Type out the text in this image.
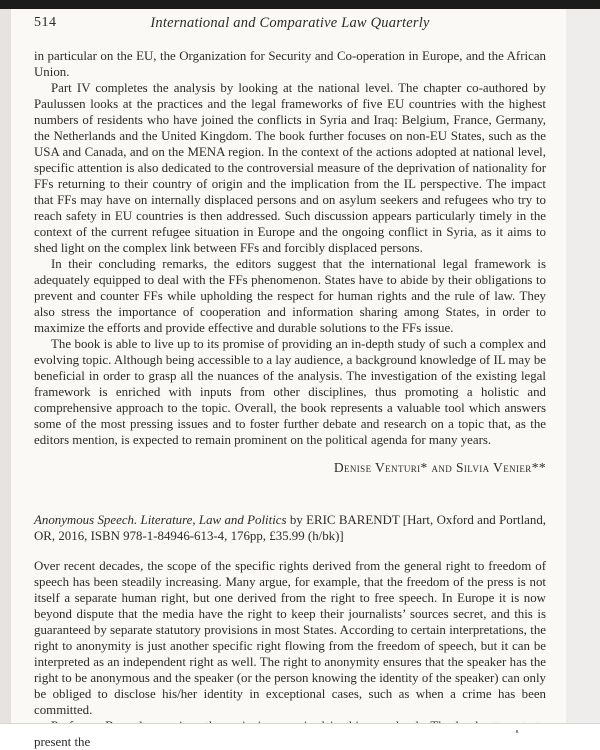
514	International and Comparative Law Quarterly

in particular on the EU, the Organization for Security and Co-operation in Europe, and the African Union.

Part IV completes the analysis by looking at the national level. The chapter co-authored by Paulussen looks at the practices and the legal frameworks of five EU countries with the highest numbers of residents who have joined the conflicts in Syria and Iraq: Belgium, France, Germany, the Netherlands and the United Kingdom. The book further focuses on non-EU States, such as the USA and Canada, and on the MENA region. In the context of the actions adopted at national level, specific attention is also dedicated to the controversial measure of the deprivation of nationality for FFs returning to their country of origin and the implication from the IL perspective. The impact that FFs may have on internally displaced persons and on asylum seekers and refugees who try to reach safety in EU countries is then addressed. Such discussion appears particularly timely in the context of the current refugee situation in Europe and the ongoing conflict in Syria, as it aims to shed light on the complex link between FFs and forcibly displaced persons.

In their concluding remarks, the editors suggest that the international legal framework is adequately equipped to deal with the FFs phenomenon. States have to abide by their obligations to prevent and counter FFs while upholding the respect for human rights and the rule of law. They also stress the importance of cooperation and information sharing among States, in order to maximize the efforts and provide effective and durable solutions to the FFs issue.

The book is able to live up to its promise of providing an in-depth study of such a complex and evolving topic. Although being accessible to a lay audience, a background knowledge of IL may be beneficial in order to grasp all the nuances of the analysis. The investigation of the existing legal framework is enriched with inputs from other disciplines, thus promoting a holistic and comprehensive approach to the topic. Overall, the book represents a valuable tool which answers some of the most pressing issues and to foster further debate and research on a topic that, as the editors mention, is expected to remain prominent on the political agenda for many years.

Denise Venturi* and Silvia Venier**

Anonymous Speech. Literature, Law and Politics by ERIC BARENDT [Hart, Oxford and Portland, OR, 2016, ISBN 978-1-84946-613-4, 176pp, £35.99 (h/bk)]

Over recent decades, the scope of the specific rights derived from the general right to freedom of speech has been steadily increasing. Many argue, for example, that the freedom of the press is not itself a separate human right, but one derived from the right to free speech. In Europe it is now beyond dispute that the media have the right to keep their journalists’ sources secret, and this is guaranteed by separate statutory provisions in most States. According to certain interpretations, the right to anonymity is just another specific right flowing from the freedom of speech, but it can be interpreted as an independent right as well. The right to anonymity ensures that the speaker has the right to be anonymous and the speaker (or the person knowing the identity of the speaker) can only be obliged to disclose his/her identity in exceptional cases, such as when a crime has been committed.

present the
